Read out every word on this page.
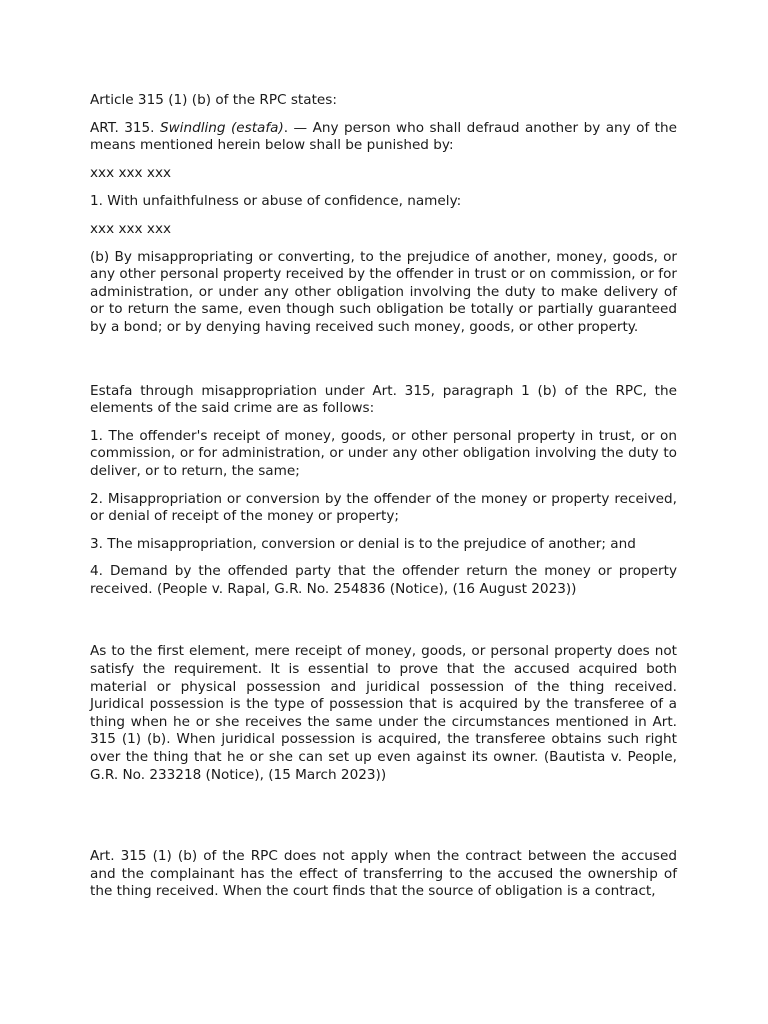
Article 315 (1) (b) of the RPC states:

ART. 315. Swindling (estafa). — Any person who shall defraud another by any of the means mentioned herein below shall be punished by:

xxx xxx xxx

1. With unfaithfulness or abuse of confidence, namely:

xxx xxx xxx

(b) By misappropriating or converting, to the prejudice of another, money, goods, or any other personal property received by the offender in trust or on commission, or for administration, or under any other obligation involving the duty to make delivery of or to return the same, even though such obligation be totally or partially guaranteed by a bond; or by denying having received such money, goods, or other property.

Estafa through misappropriation under Art. 315, paragraph 1 (b) of the RPC, the elements of the said crime are as follows:

1. The offender's receipt of money, goods, or other personal property in trust, or on commission, or for administration, or under any other obligation involving the duty to deliver, or to return, the same;

2. Misappropriation or conversion by the offender of the money or property received, or denial of receipt of the money or property;

3. The misappropriation, conversion or denial is to the prejudice of another; and

4. Demand by the offended party that the offender return the money or property received. (People v. Rapal, G.R. No. 254836 (Notice), (16 August 2023))

As to the first element, mere receipt of money, goods, or personal property does not satisfy the requirement. It is essential to prove that the accused acquired both material or physical possession and juridical possession of the thing received. Juridical possession is the type of possession that is acquired by the transferee of a thing when he or she receives the same under the circumstances mentioned in Art. 315 (1) (b). When juridical possession is acquired, the transferee obtains such right over the thing that he or she can set up even against its owner. (Bautista v. People, G.R. No. 233218 (Notice), (15 March 2023))

Art. 315 (1) (b) of the RPC does not apply when the contract between the accused and the complainant has the effect of transferring to the accused the ownership of the thing received. When the court finds that the source of obligation is a contract,
